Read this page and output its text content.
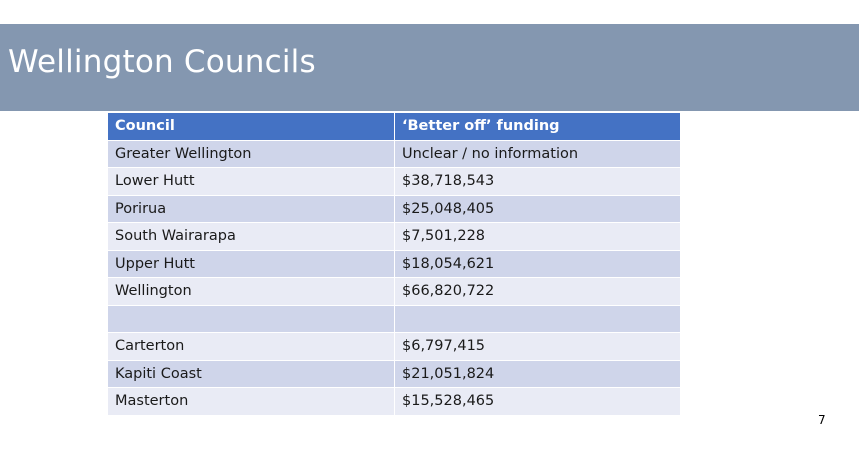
Wellington Councils
Council	‘Better off’ funding
Greater Wellington	Unclear / no information
Lower Hutt	$38,718,543
Porirua	$25,048,405
South Wairarapa	$7,501,228
Upper Hutt	$18,054,621
Wellington	$66,820,722

Carterton	$6,797,415
Kapiti Coast	$21,051,824
Masterton	$15,528,465
7
